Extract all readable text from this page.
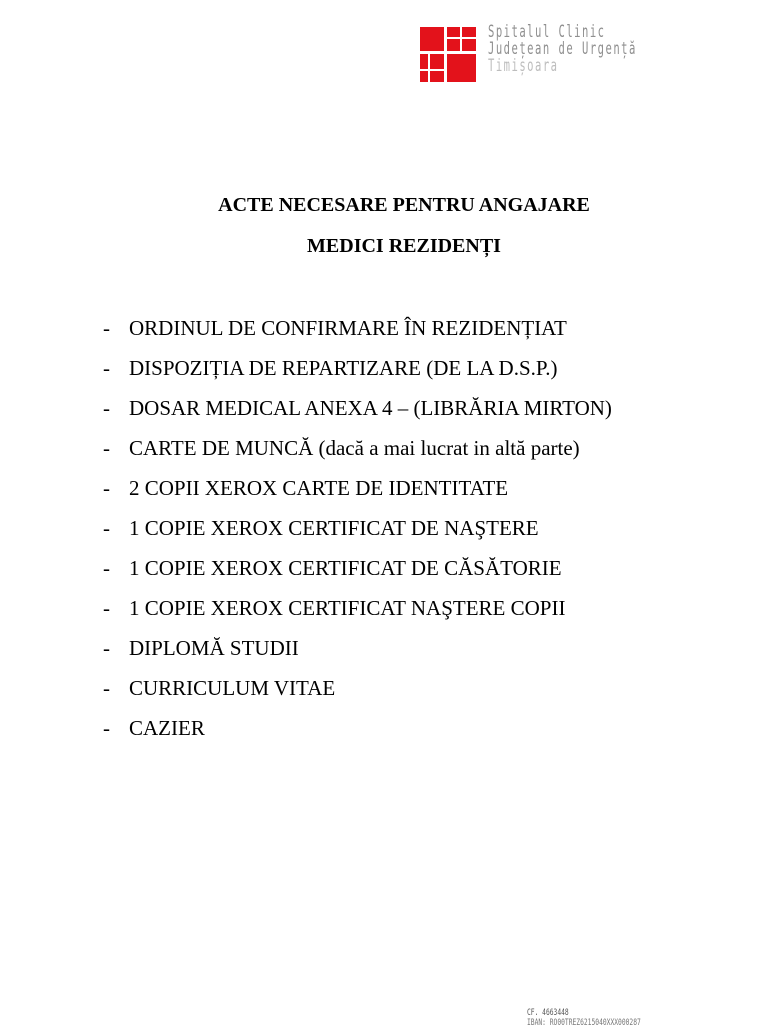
Spitalul Clinic
Județean de Urgență
Timișoara
ACTE NECESARE PENTRU ANGAJARE
MEDICI REZIDENȚI
- ORDINUL DE CONFIRMARE ÎN REZIDENȚIAT
- DISPOZIȚIA DE REPARTIZARE (DE LA D.S.P.)
- DOSAR MEDICAL ANEXA 4 – (LIBRĂRIA MIRTON)
- CARTE DE MUNCĂ (dacă a mai lucrat in altă parte)
- 2 COPII XEROX CARTE DE IDENTITATE
- 1 COPIE XEROX CERTIFICAT DE NAŞTERE
- 1 COPIE XEROX CERTIFICAT DE CĂSĂTORIE
- 1 COPIE XEROX CERTIFICAT NAŞTERE COPII
- DIPLOMĂ STUDII
- CURRICULUM VITAE
- CAZIER
CF. 4663448
IBAN: RO00TREZ6215040XXX000287
